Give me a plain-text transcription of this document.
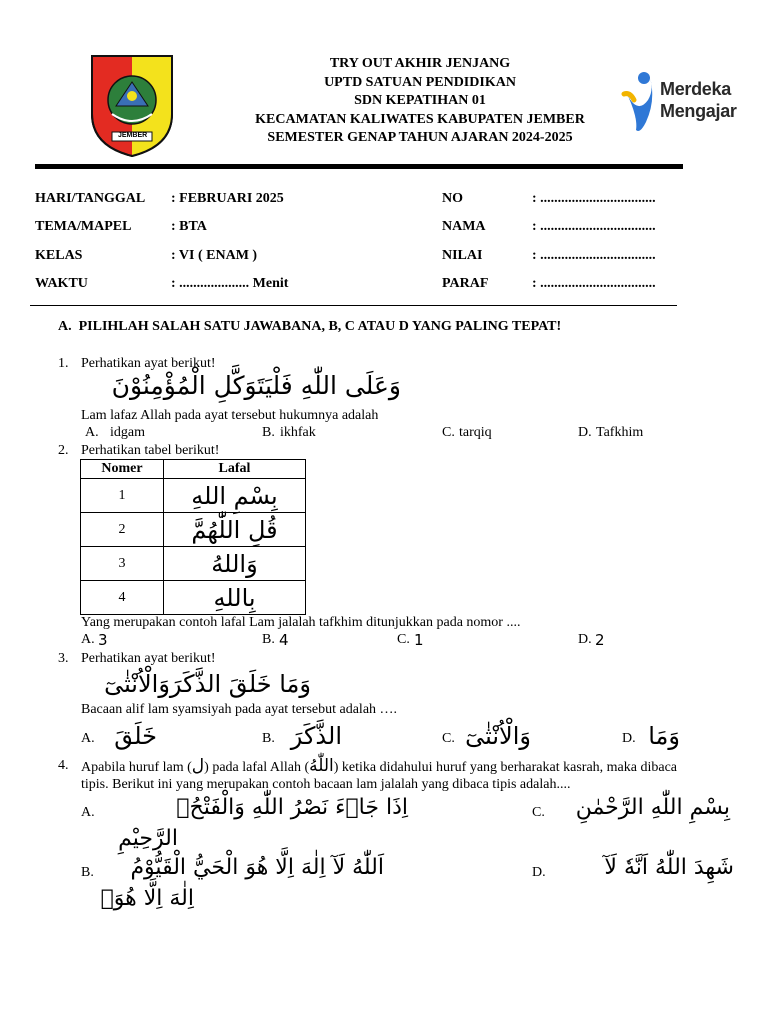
JEMBER
TRY OUT AKHIR JENJANG
UPTD SATUAN PENDIDIKAN
SDN KEPATIHAN 01
KECAMATAN KALIWATES KABUPATEN JEMBER
SEMESTER GENAP TAHUN AJARAN 2024-2025
Merdeka
Mengajar
HARI/TANGGAL : FEBRUARI 2025
TEMA/MAPEL	: BTA
KELAS	: VI ( ENAM )
WAKTU	: .................... Menit
NO	: .................................
NAMA	: .................................
NILAI	: .................................
PARAF	: .................................
A. PILIHLAH SALAH SATU JAWABANA, B, C ATAU D YANG PALING TEPAT!
1. Perhatikan ayat berikut!
وَعَلَى اللّٰهِ فَلْيَتَوَكَّلِ الْمُؤْمِنُوْنَ
Lam lafaz Allah pada ayat tersebut hukumnya adalah
A. idgam	B. ikhfak	C. tarqiq	D. Tafkhim
2. Perhatikan tabel berikut!
Nomer	Lafal
1	بِسْمِ اللهِ
2	قُلِ اللّٰهُمَّ
3	وَاللهُ
4	بِاللهِ
Yang merupakan contoh lafal Lam jalalah tafkhim ditunjukkan pada nomor ....
A. 3	B. 4	C. 1	D. 2
3. Perhatikan ayat berikut!
وَمَا خَلَقَ الذَّكَرَوَالْاُنْثٰىٓ
Bacaan alif lam syamsiyah pada ayat tersebut adalah ….
A. خَلَقَ	B. الذَّكَرَ	C. وَالْاُنْثٰىٓ	D. وَمَا
4. Apabila huruf lam (ل) pada lafal Allah (اللّٰهُ) ketika didahului huruf yang berharakat kasrah, maka dibaca
tipis. Berikut ini yang merupakan contoh bacaan lam jalalah yang dibaca tipis adalah....
A.	اِذَا جَاۤءَ نَصْرُ اللّٰهِ وَالْفَتْحُۙ	C.	بِسْمِ اللّٰهِ الرَّحْمٰنِ
الرَّحِيْمِ
B.	اَللّٰهُ لَآ اِلٰهَ اِلَّا هُوَ الْحَيُّ الْقَيُّوْمُ	D.	شَهِدَ اللّٰهُ اَنَّهٗ لَآ
اِلٰهَ اِلَّا هُوَۙ
